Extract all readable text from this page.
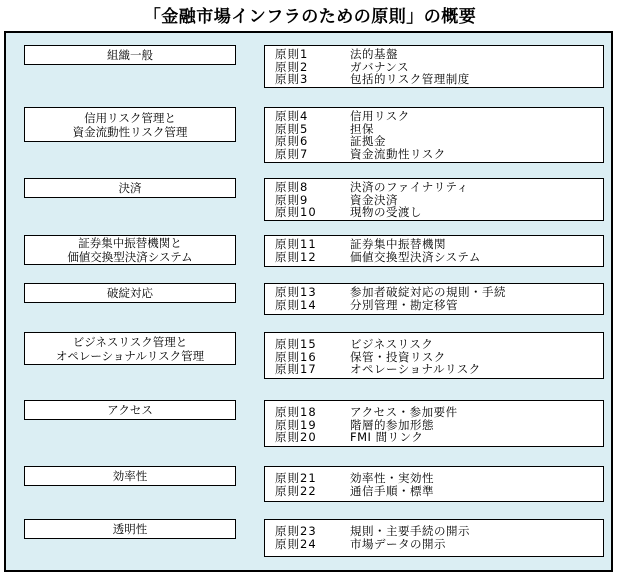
「金融市場インフラのための原則」の概要
組織一般	原則1	法的基盤
原則2	ガバナンス
原則3	包括的リスク管理制度
信用リスク管理と
資金流動性リスク管理
原則4	信用リスク
原則5	担保
原則6	証拠金
原則7	資金流動性リスク
決済	原則8	決済のファイナリティ
原則9	資金決済
原則10	現物の受渡し
証券集中振替機関と
価値交換型決済システム
原則11	証券集中振替機関
原則12	価値交換型決済システム
破綻対応	原則13	参加者破綻対応の規則・手続
原則14	分別管理・勘定移管
ビジネスリスク管理と
オペレーショナルリスク管理
原則15	ビジネスリスク
原則16	保管・投資リスク
原則17	オペレーショナルリスク
アクセス	原則18	アクセス・参加要件
原則19	階層的参加形態
原則20	FMI 間リンク
効率性	原則21	効率性・実効性
原則22	通信手順・標準
透明性	原則23	規則・主要手続の開示
原則24	市場データの開示
